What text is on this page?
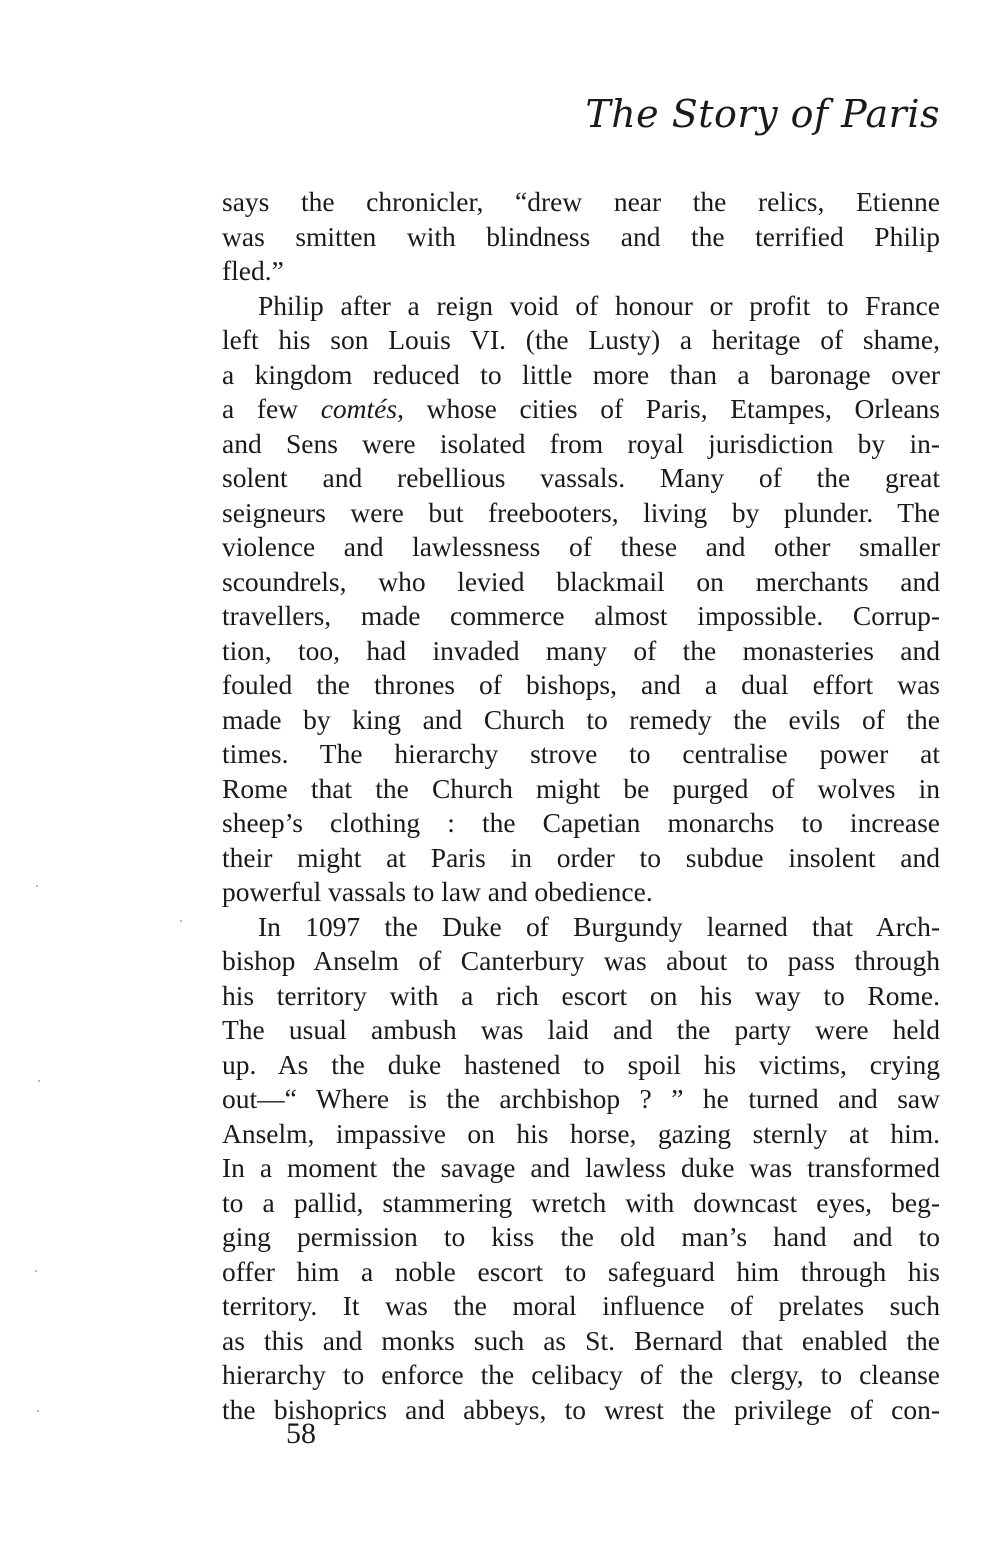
The Story of Paris
says the chronicler, “drew near the relics, Etienne
was smitten with blindness and the terrified Philip
fled.”
Philip after a reign void of honour or profit to France
left his son Louis VI. (the Lusty) a heritage of shame,
a kingdom reduced to little more than a baronage over
a few comtés, whose cities of Paris, Etampes, Orleans
and Sens were isolated from royal jurisdiction by in-
solent and rebellious vassals. Many of the great
seigneurs were but freebooters, living by plunder. The
violence and lawlessness of these and other smaller
scoundrels, who levied blackmail on merchants and
travellers, made commerce almost impossible. Corrup-
tion, too, had invaded many of the monasteries and
fouled the thrones of bishops, and a dual effort was
made by king and Church to remedy the evils of the
times. The hierarchy strove to centralise power at
Rome that the Church might be purged of wolves in
sheep’s clothing : the Capetian monarchs to increase
their might at Paris in order to subdue insolent and
powerful vassals to law and obedience.
In 1097 the Duke of Burgundy learned that Arch-
bishop Anselm of Canterbury was about to pass through
his territory with a rich escort on his way to Rome.
The usual ambush was laid and the party were held
up. As the duke hastened to spoil his victims, crying
out—“ Where is the archbishop ? ” he turned and saw
Anselm, impassive on his horse, gazing sternly at him.
In a moment the savage and lawless duke was transformed
to a pallid, stammering wretch with downcast eyes, beg-
ging permission to kiss the old man’s hand and to
offer him a noble escort to safeguard him through his
territory. It was the moral influence of prelates such
as this and monks such as St. Bernard that enabled the
hierarchy to enforce the celibacy of the clergy, to cleanse
the bishoprics and abbeys, to wrest the privilege of con-
58
